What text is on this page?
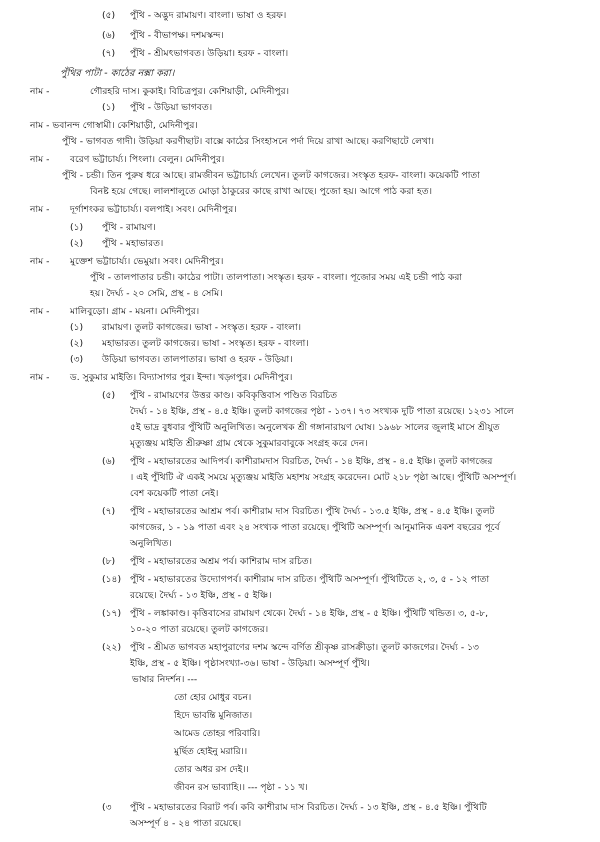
(৫) পুঁথি - অদ্ভুদ রামায়ণ। বাংলা। ভাষা ও হরফ।
(৬) পুঁথি - বীভাপক্ষ। দশমস্কন্দ।
(৭) পুঁথি - শ্রীমৎভাগবত। উড়িয়া। হরফ - বাংলা।
পুঁথির পাটা - কাঠের নক্সা করা।
নাম -	গৌরহরি দাস। কুকাই। বিচিত্রপুর। কেশিয়াড়ী, মেদিনীপুর।
(১) পুঁথি - উড়িয়া ভাগবত।
নাম - ভবানন্দ গোস্বামী। কেশিয়াড়ী, মেদিনীপুর।
পুঁথি - ভাগবত গাদী। উড়িয়া করণীছাট। বাক্সে কাঠের সিংহাসনে পর্দা দিয়ে রাখা আছে। করণিছাটে লেখা।
নাম - বরেণ ভট্টাচার্য্য। পিংলা। বেলুন। মেদিনীপুর।
পুঁথি - চন্ডী। তিন পুরুষ ধরে আছে। রামজীবন ভট্টাচার্য্য লেখেন। তুলট কাগজের। সংস্কৃত হরফ- বাংলা। কয়েকটি পাতা
বিনষ্ট হয়ে গেছে। লালশালুতে মোড়া ঠাকুরের কাছে রাখা আছে। পুজো হয়। আগে পাঠ করা হত।
নাম - দূর্গাশংকর ভট্টাচার্য্য। বলপাই। সবং। মেদিনীপুর।
(১) পুঁথি - রামায়ণ।
(২) পুঁথি - মহাভারত।
নাম - মুক্তেশ ভট্টাচার্য্য। ভেমুয়া। সবং। মেদিনীপুর।
পুঁথি - তালপাতার চন্ডী। কাঠের পাটা। তালপাতা। সংস্কৃত। হরফ - বাংলা। পূজোর সময় এই চন্ডী পাঠ করা
হয়। দৈর্ঘ্য - ২০ সেমি, প্রস্থ - ৪ সেমি।
নাম - মালিবুড়ো। গ্রাম - ময়না। মেদিনীপুর।
(১) রামায়ণ। তুলট কাগজের। ভাষা - সংস্কৃত। হরফ - বাংলা।
(২) মহাভারত। তুলট কাগজের। ভাষা - সংস্কৃত। হরফ - বাংলা।
(৩) উড়িয়া ভাগবত। তালপাতার। ভাষা ও হরফ - উড়িয়া।
নাম - ড. সুকুমার মাইতি। বিদ্যাসাগর পুর। ইন্দা। খড়্গপুর। মেদিনীপুর।
(৫) পুঁথি - রামায়ণের উত্তর কাণ্ড। কবিকৃত্তিবাস পণ্ডিত বিরচিত
দৈর্ঘ্য - ১৪ ইঞ্চি, প্রস্থ - ৪.৫ ইঞ্চি। তুলট কাগজের পৃষ্ঠা - ১৩৭। ৭৩ সংখ্যক দুটি পাতা রয়েছে। ১২৩১ সালে
৫ই ভাদ্র বুধবার পুঁথিটি অনুলিখিত। অনুলেখক শ্রী গঙ্গানারায়ণ ঘোষ। ১৯৬৮ সালের জুলাই মাসে শ্রীযুত
মৃত্যুঞ্জয় মাইতি শ্রীরুষ্ণা গ্রাম থেকে সুকুমারবাবুকে সংগ্রহ করে দেন।
(৬) পুঁথি - মহাভারতের আদিপর্ব। কাশীরামদাস বিরচিত, দৈর্ঘ্য - ১৪ ইঞ্চি, প্রস্থ - ৪.৫ ইঞ্চি। তুলট কাগজের
। এই পুঁথিটি ঐ একই সময়ে মৃত্যুঞ্জয় মাইতি মহাশয় সংগ্রহ করেদেন। মোট ২১৮ পৃষ্ঠা আছে। পুঁথিটি অসম্পূর্ণ।
বেশ কয়েকটি পাতা নেই।
(৭) পুঁথি - মহাভারতের আশ্রম পর্ব। কাশীরাম দাস বিরচিত। পুঁথি দৈর্ঘ্য - ১৩.৫ ইঞ্চি, প্রস্থ - ৪.৫ ইঞ্চি। তুলট
কাগজের, ১ - ১৯ পাতা এবং ২৪ সংখ্যক পাতা রয়েছে। পুঁথিটি অসম্পূর্ণ। আনুমানিক একশ বছরের পূর্বে
অনুলিখিত।
(৮) পুঁথি - মহাভারতের অশ্রম পর্ব। কাশিরাম দাস রচিত।
(১৪) পুঁথি - মহাভারতের উদ্যোগপর্ব। কাশীরাম দাস রচিত। পুঁথিটি অসম্পূর্ণ। পুঁথিটিতে ২, ৩, ৫ - ১২ পাতা
রয়েছে। দৈর্ঘ্য - ১৩ ইঞ্চি, প্রস্থ - ৫ ইঞ্চি।
(১৭) পুঁথি - লঙ্কাকাণ্ড। কৃত্তিবাসের রামায়ণ থেকে। দৈর্ঘ্য - ১৪ ইঞ্চি, প্রস্থ - ৫ ইঞ্চি। পুঁথিটি খন্ডিত। ৩, ৫-৮,
১০-২০ পাতা রয়েছে। তুলট কাগজের।
(২২) পুঁথি - শ্রীমত ভাগবত মহাপুরাণের দশম স্কন্দে বর্ণিত শ্রীকৃষ্ণ রাসক্রীড়া। তুলট কাজগের। দৈর্ঘ্য - ১৩
ইঞ্চি, প্রস্থ - ৫ ইঞ্চি। পৃষ্ঠাসংখ্যা-৩৬। ভাষা - উড়িয়া। অসম্পূর্ণ পুঁথি।
ভাষার নিদর্শন। ---
তো হোর মোধুর বচন।
হিদে ভাবন্তি মুনিজাত।
আমেড তোহর পরিবারি।
মুর্ছিত হোইনু মরারি।।
তোর অধর রস দেই।।
জীবন রস ভাব্যাহি।। --- পৃষ্ঠা - ১১ খ।
(৩ পুঁথি - মহাভারতের বিরাট পর্ব। কবি কাশীরাম দাস বিরচিত। দৈর্ঘ্য - ১৩ ইঞ্চি, প্রস্থ - ৪.৫ ইঞ্চি। পুঁথিটি
অসম্পূর্ণ ৪ - ২৪ পাতা রয়েছে।
